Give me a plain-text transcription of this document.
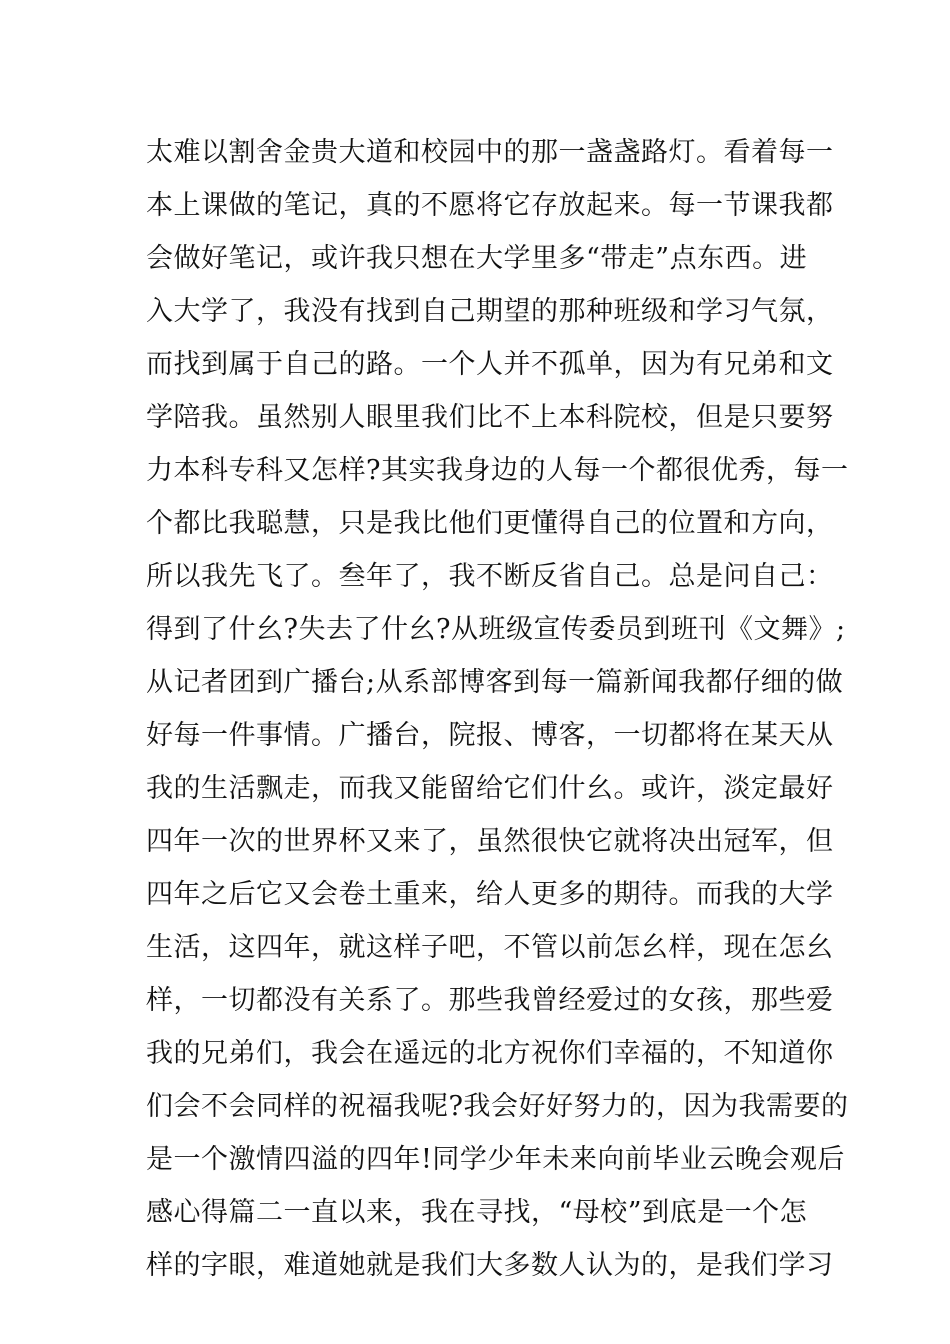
太难以割舍金贵大道和校园中的那一盏盏路灯。看着每一
本上课做的笔记，真的不愿将它存放起来。每一节课我都
会做好笔记，或许我只想在大学里多“带走”点东西。进
入大学了，我没有找到自己期望的那种班级和学习气氛，
而找到属于自己的路。一个人并不孤单，因为有兄弟和文
学陪我。虽然别人眼里我们比不上本科院校，但是只要努
力本科专科又怎样?其实我身边的人每一个都很优秀，每一
个都比我聪慧，只是我比他们更懂得自己的位置和方向，
所以我先飞了。叁年了，我不断反省自己。总是问自己：
得到了什幺?失去了什幺?从班级宣传委员到班刊《文舞》;
从记者团到广播台;从系部博客到每一篇新闻我都仔细的做
好每一件事情。广播台，院报、博客，一切都将在某天从
我的生活飘走，而我又能留给它们什幺。或许，淡定最好
四年一次的世界杯又来了，虽然很快它就将决出冠军，但
四年之后它又会卷土重来，给人更多的期待。而我的大学
生活，这四年，就这样子吧，不管以前怎幺样，现在怎幺
样，一切都没有关系了。那些我曾经爱过的女孩，那些爱
我的兄弟们，我会在遥远的北方祝你们幸福的，不知道你
们会不会同样的祝福我呢?我会好好努力的，因为我需要的
是一个激情四溢的四年!同学少年未来向前毕业云晚会观后
感心得篇二一直以来，我在寻找，“母校”到底是一个怎
样的字眼，难道她就是我们大多数人认为的，是我们学习
